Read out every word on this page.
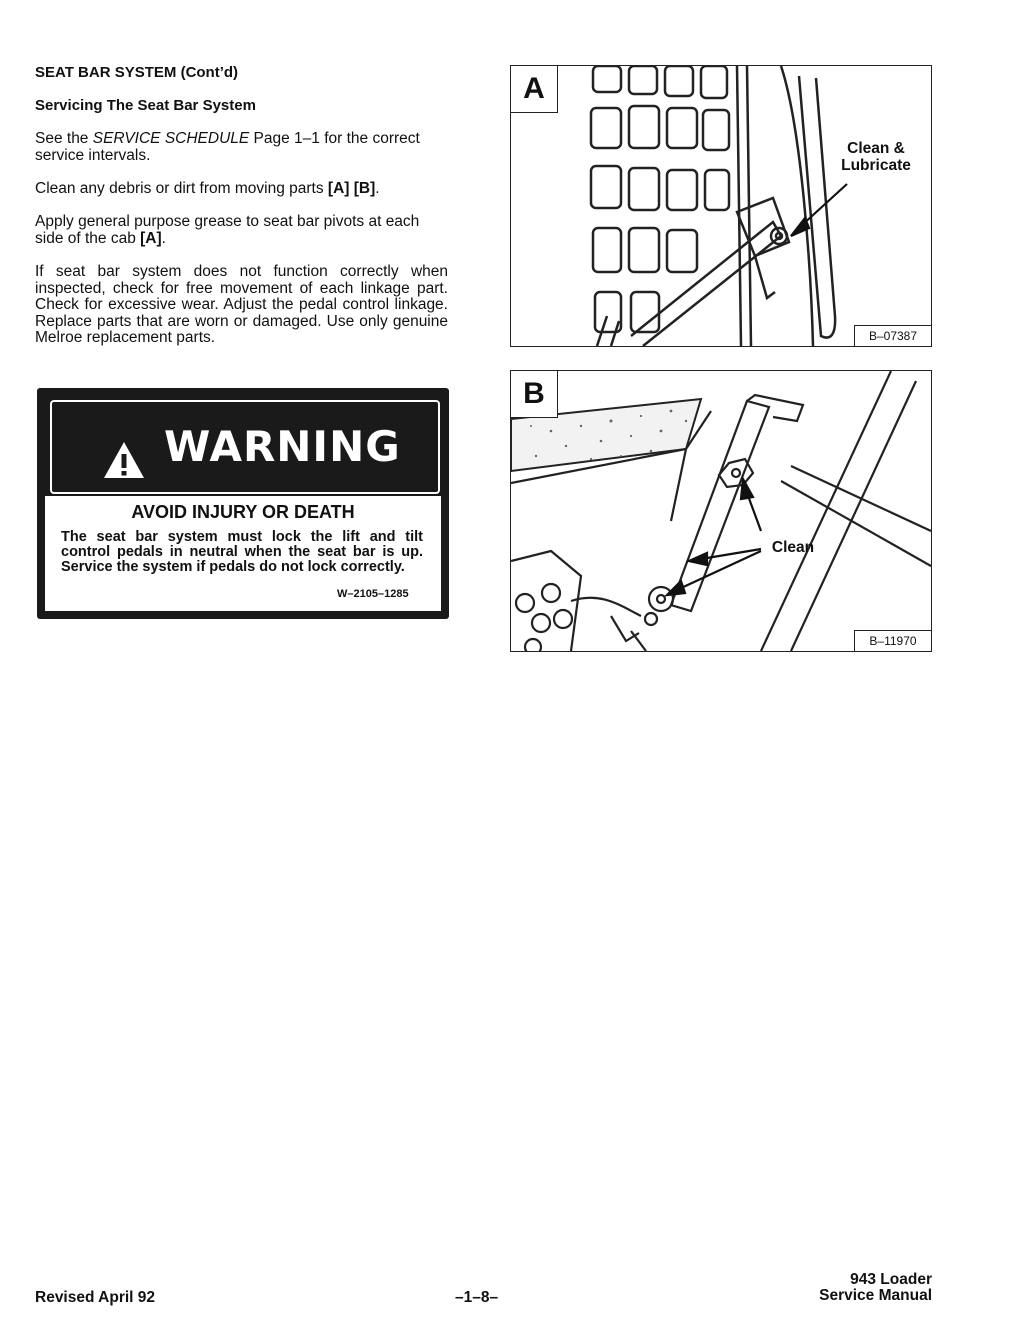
SEAT BAR SYSTEM (Cont’d)
Servicing The Seat Bar System
See the SERVICE SCHEDULE Page 1–1 for the correct service intervals.
Clean any debris or dirt from moving parts [A] [B].
Apply general purpose grease to seat bar pivots at each side of the cab [A].
If seat bar system does not function correctly when inspected, check for free movement of each linkage part. Check for excessive wear. Adjust the pedal control linkage. Replace parts that are worn or damaged. Use only genuine Melroe replacement parts.
WARNING
AVOID INJURY OR DEATH
The seat bar system must lock the lift and tilt control pedals in neutral when the seat bar is up. Service the system if pedals do not lock correctly.
W–2105–1285
A
Clean & Lubricate
B–07387
B
Clean
B–11970
Revised April 92	–1–8–
943 Loader
Service Manual
